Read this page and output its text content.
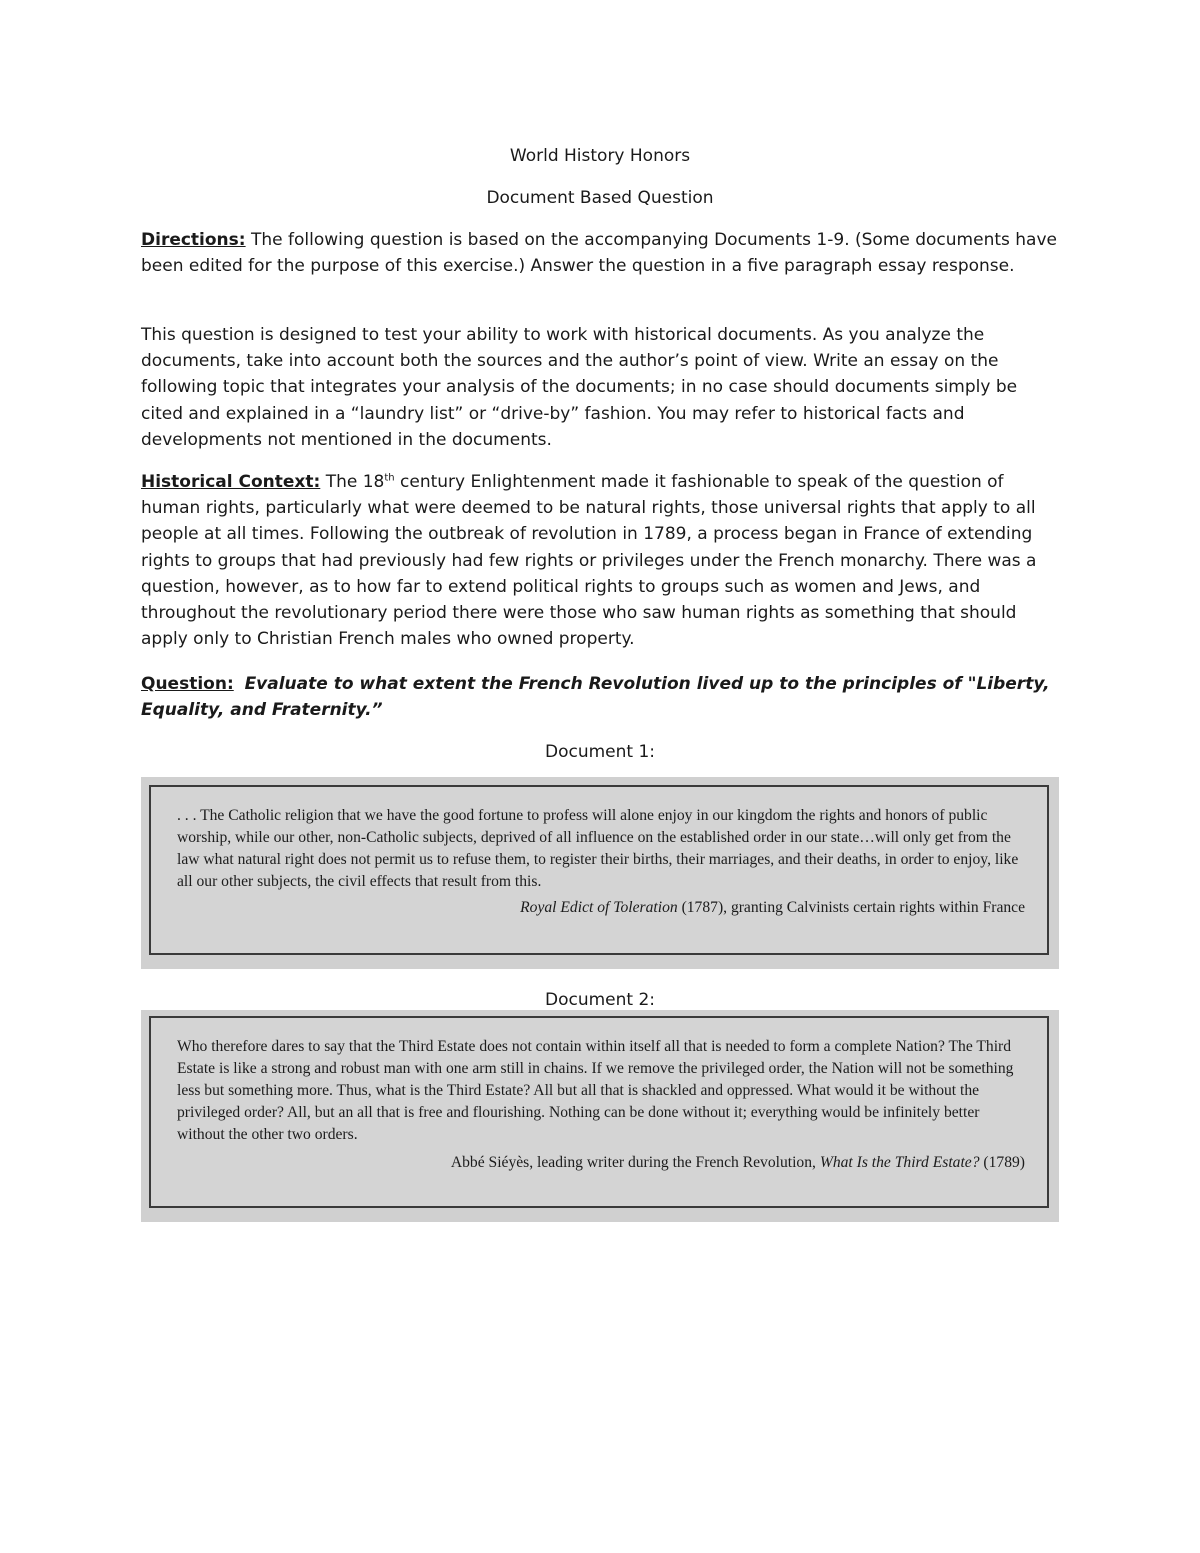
World History Honors
Document Based Question

Directions: The following question is based on the accompanying Documents 1-9. (Some documents have been edited for the purpose of this exercise.) Answer the question in a five paragraph essay response.

This question is designed to test your ability to work with historical documents. As you analyze the documents, take into account both the sources and the author’s point of view. Write an essay on the following topic that integrates your analysis of the documents; in no case should documents simply be cited and explained in a “laundry list” or “drive-by” fashion. You may refer to historical facts and developments not mentioned in the documents.

Historical Context: The 18th century Enlightenment made it fashionable to speak of the question of human rights, particularly what were deemed to be natural rights, those universal rights that apply to all people at all times. Following the outbreak of revolution in 1789, a process began in France of extending rights to groups that had previously had few rights or privileges under the French monarchy. There was a question, however, as to how far to extend political rights to groups such as women and Jews, and throughout the revolutionary period there were those who saw human rights as something that should apply only to Christian French males who owned property.

Question: Evaluate to what extent the French Revolution lived up to the principles of "Liberty, Equality, and Fraternity.”

Document 1:

. . . The Catholic religion that we have the good fortune to profess will alone enjoy in our kingdom the rights and honors of public worship, while our other, non-Catholic subjects, deprived of all influence on the established order in our state…will only get from the law what natural right does not permit us to refuse them, to register their births, their marriages, and their deaths, in order to enjoy, like all our other subjects, the civil effects that result from this.

Royal Edict of Toleration (1787), granting Calvinists certain rights within France

Document 2:

Who therefore dares to say that the Third Estate does not contain within itself all that is needed to form a complete Nation? The Third Estate is like a strong and robust man with one arm still in chains. If we remove the privileged order, the Nation will not be something less but something more. Thus, what is the Third Estate? All but all that is shackled and oppressed. What would it be without the privileged order? All, but an all that is free and flourishing. Nothing can be done without it; everything would be infinitely better without the other two orders.

Abbé Siéyès, leading writer during the French Revolution, What Is the Third Estate? (1789)
